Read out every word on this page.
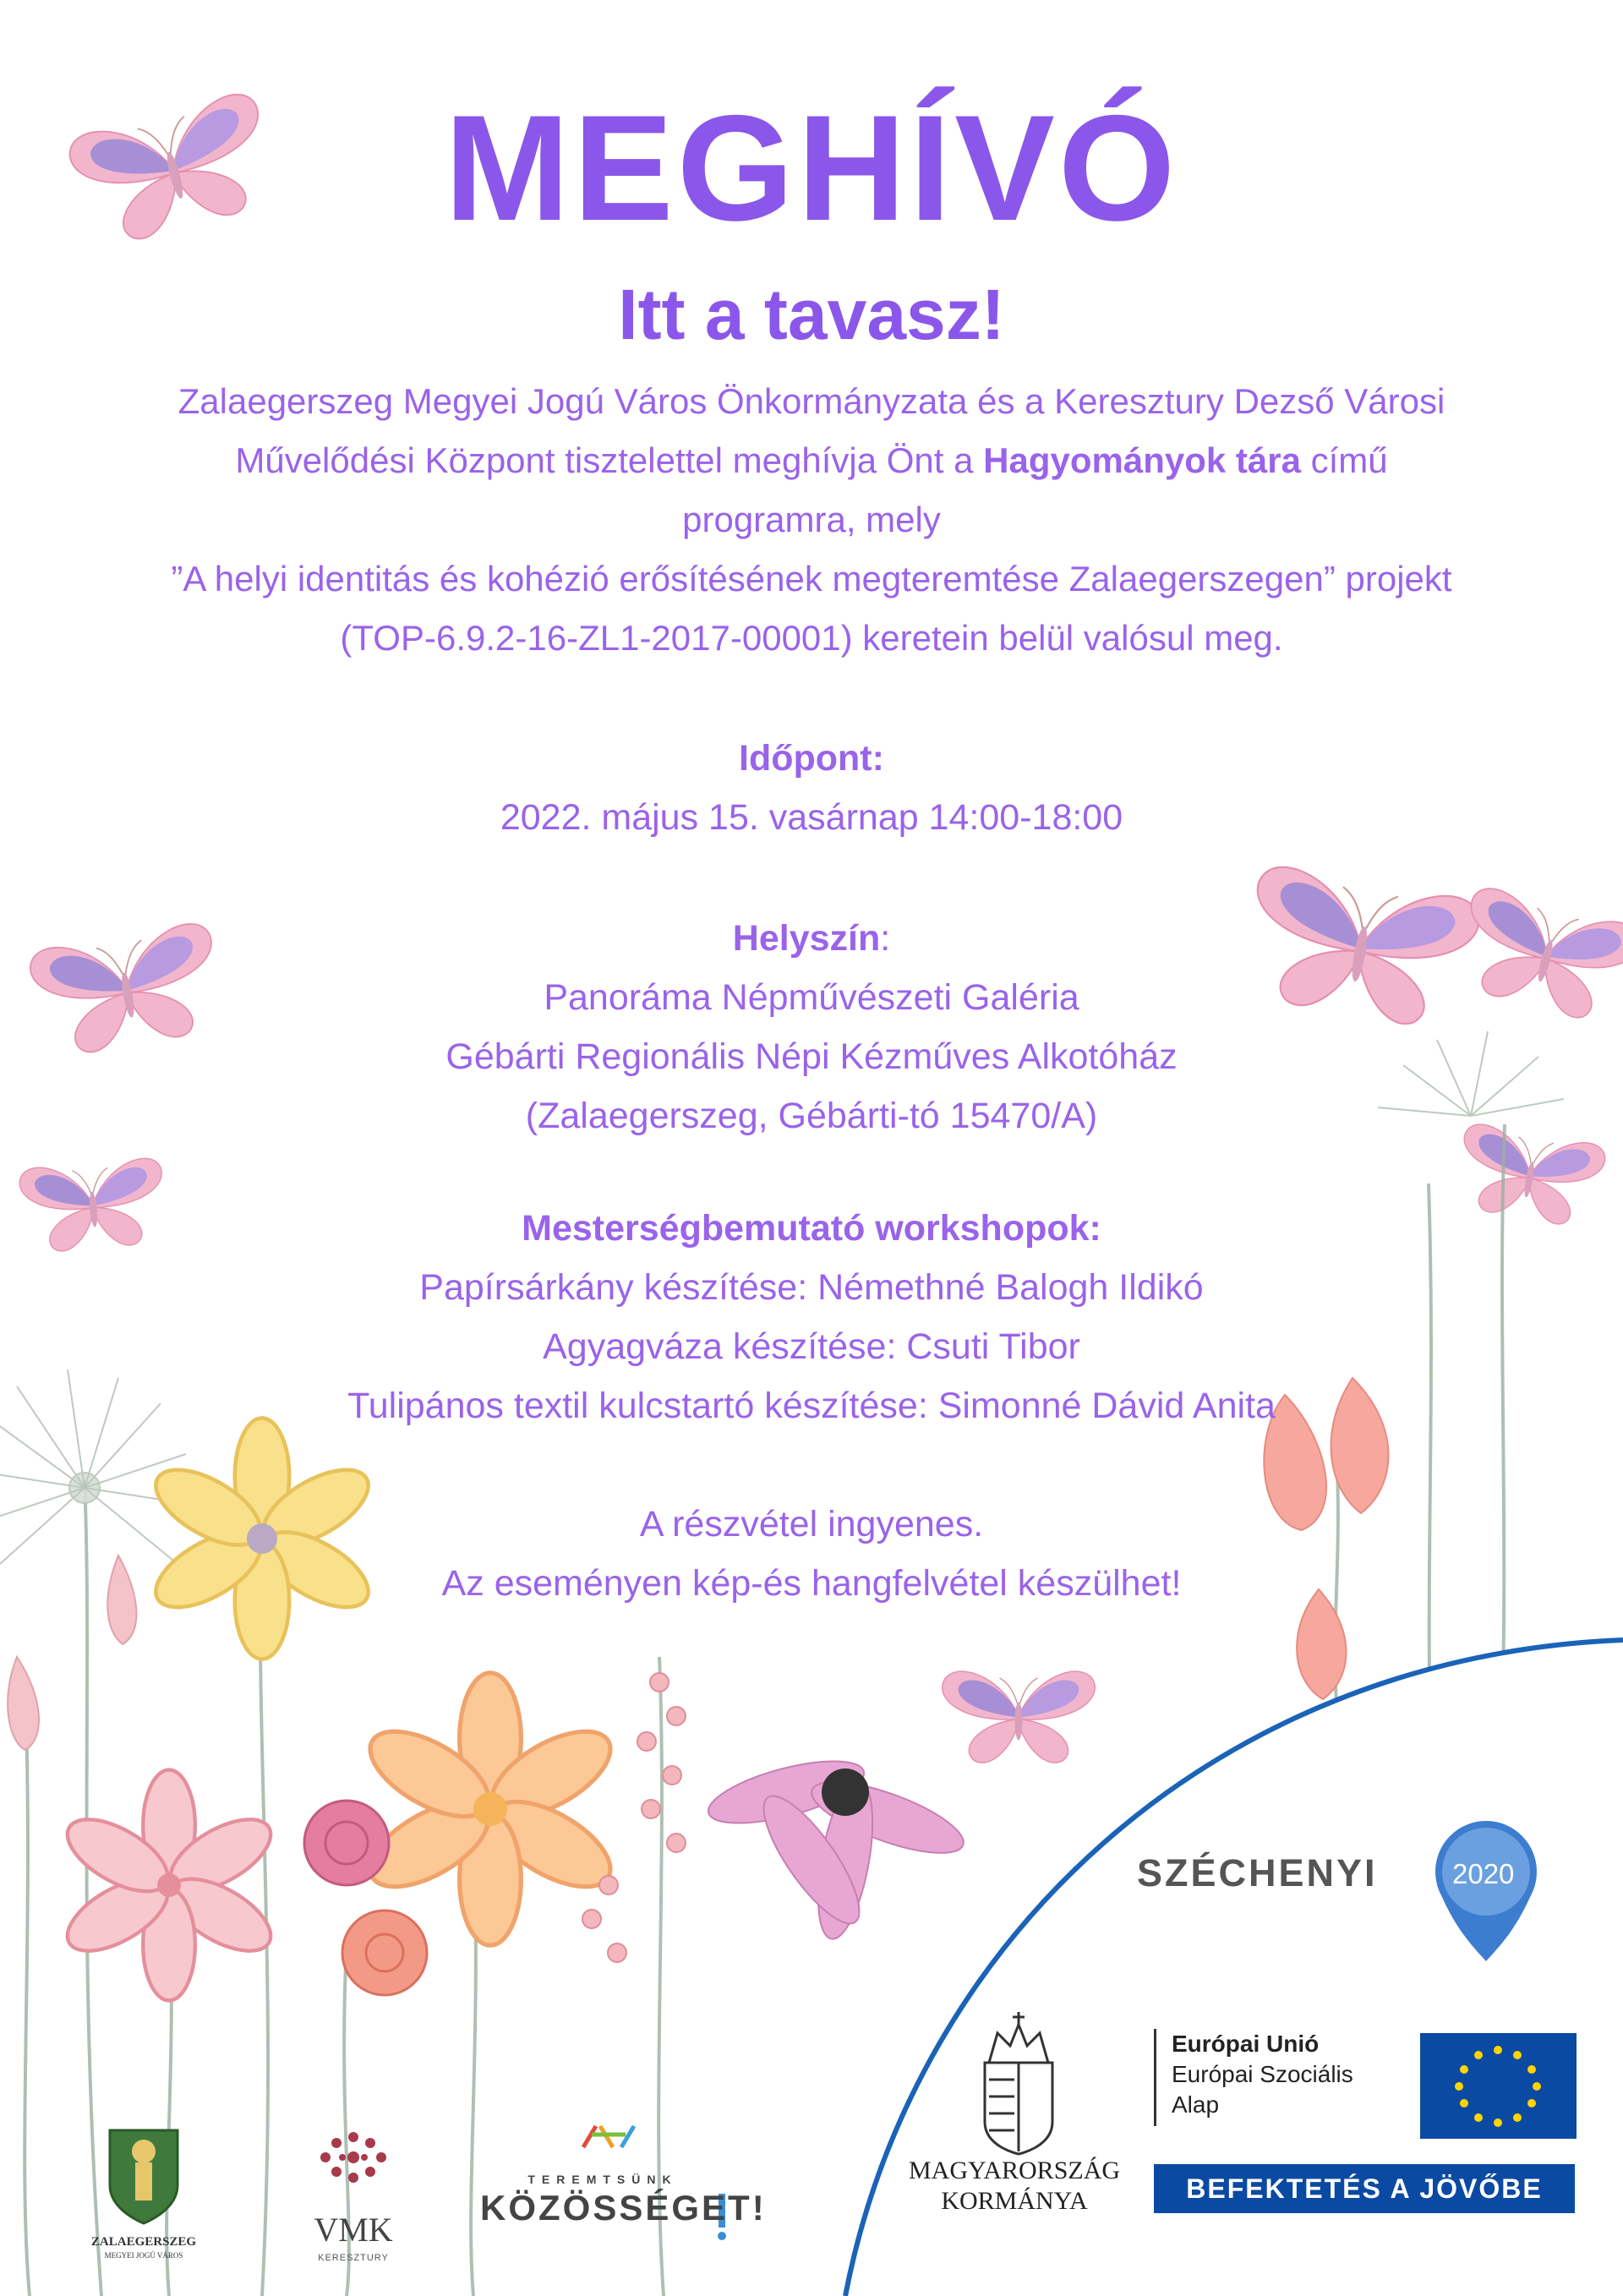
MEGHÍVÓ
Itt a tavasz!
Zalaegerszeg Megyei Jogú Város Önkormányzata és a Keresztury Dezső Városi
Művelődési Központ tisztelettel meghívja Önt a Hagyományok tára című
programra, mely
”A helyi identitás és kohézió erősítésének megteremtése Zalaegerszegen” projekt
(TOP-6.9.2-16-ZL1-2017-00001) keretein belül valósul meg.
Időpont:
2022. május 15. vasárnap 14:00-18:00
Helyszín:
Panoráma Népművészeti Galéria
Gébárti Regionális Népi Kézműves Alkotóház
(Zalaegerszeg, Gébárti-tó 15470/A)
Mesterségbemutató workshopok:
Papírsárkány készítése: Némethné Balogh Ildikó
Agyagváza készítése: Csuti Tibor
Tulipános textil kulcstartó készítése: Simonné Dávid Anita
A részvétel ingyenes.
Az eseményen kép-és hangfelvétel készülhet!
SZÉCHENYI	2020
MAGYARORSZÁG KORMÁNYA
Európai Unió
Európai Szociális
Alap
BEFEKTETÉS A JÖVŐBE
ZALAEGERSZEG
MEGYEI JOGÚ VÁROS
VMK
KERESZTURY
TEREMTSÜNK
KÖZÖSSÉGET!
